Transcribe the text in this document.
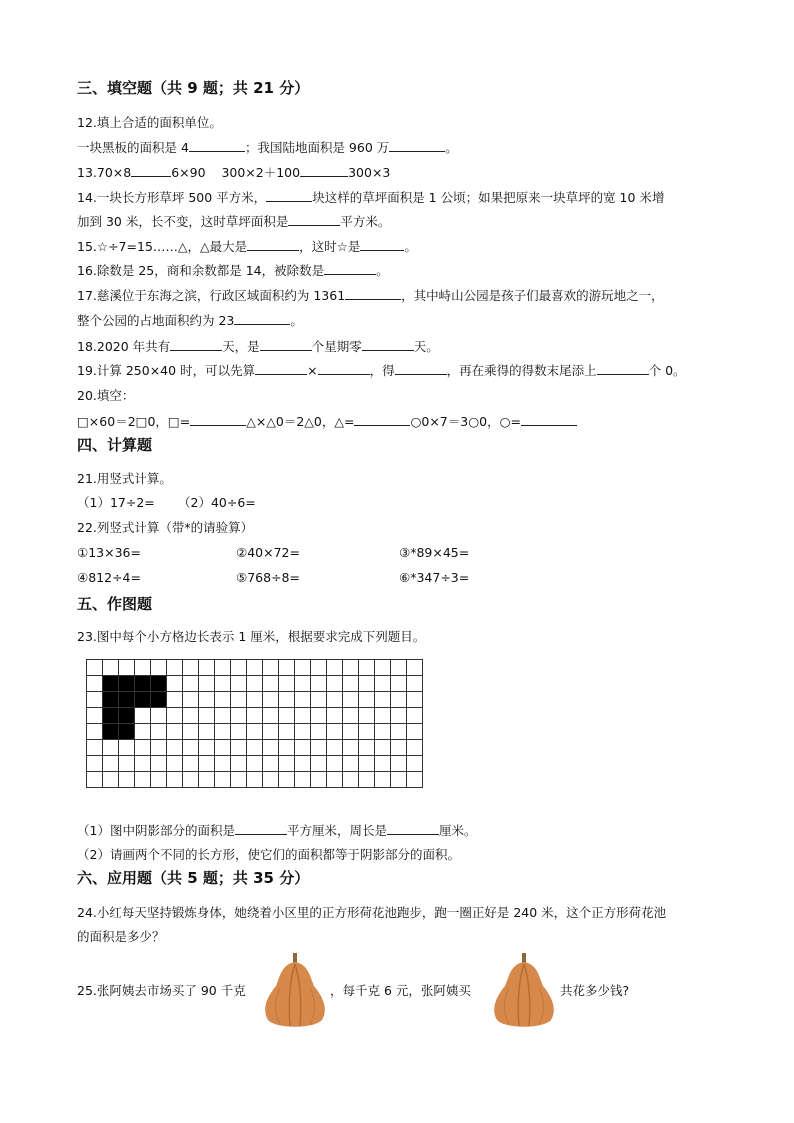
三、填空题（共 9 题；共 21 分）
12.填上合适的面积单位。
一块黑板的面积是 4	；我国陆地面积是 960 万	。
13.70×8	6×90    300×2＋100	300×3
14.一块长方形草坪 500 平方米，	块这样的草坪面积是 1 公顷；如果把原来一块草坪的宽 10 米增
加到 30 米，长不变，这时草坪面积是	平方米。
15.☆÷7=15……△，△最大是	，这时☆是	。
16.除数是 25，商和余数都是 14，被除数是	。
17.慈溪位于东海之滨，行政区域面积约为 1361	，其中峙山公园是孩子们最喜欢的游玩地之一，
整个公园的占地面积约为 23	。
18.2020 年共有	天，是	个星期零	天。
19.计算 250×40 时，可以先算	×	，得	，再在乘得的得数末尾添上	个 0。
20.填空：
□×60＝2□0，□=	△×△0＝2△0，△=	○0×7＝3○0，○=
四、计算题
21.用竖式计算。
（1）17÷2= （2）40÷6=
22.列竖式计算（带*的请验算）
①13×36=	②40×72=	③*89×45=
④812÷4=	⑤768÷8=	⑥*347÷3=
五、作图题
23.图中每个小方格边长表示 1 厘米，根据要求完成下列题目。
（1）图中阴影部分的面积是	平方厘米，周长是	厘米。
（2）请画两个不同的长方形，使它们的面积都等于阴影部分的面积。
六、应用题（共 5 题；共 35 分）
24.小红每天坚持锻炼身体，她绕着小区里的正方形荷花池跑步，跑一圈正好是 240 米，这个正方形荷花池
的面积是多少？
25.张阿姨去市场买了 90 千克	，每千克 6 元，张阿姨买	共花多少钱?
